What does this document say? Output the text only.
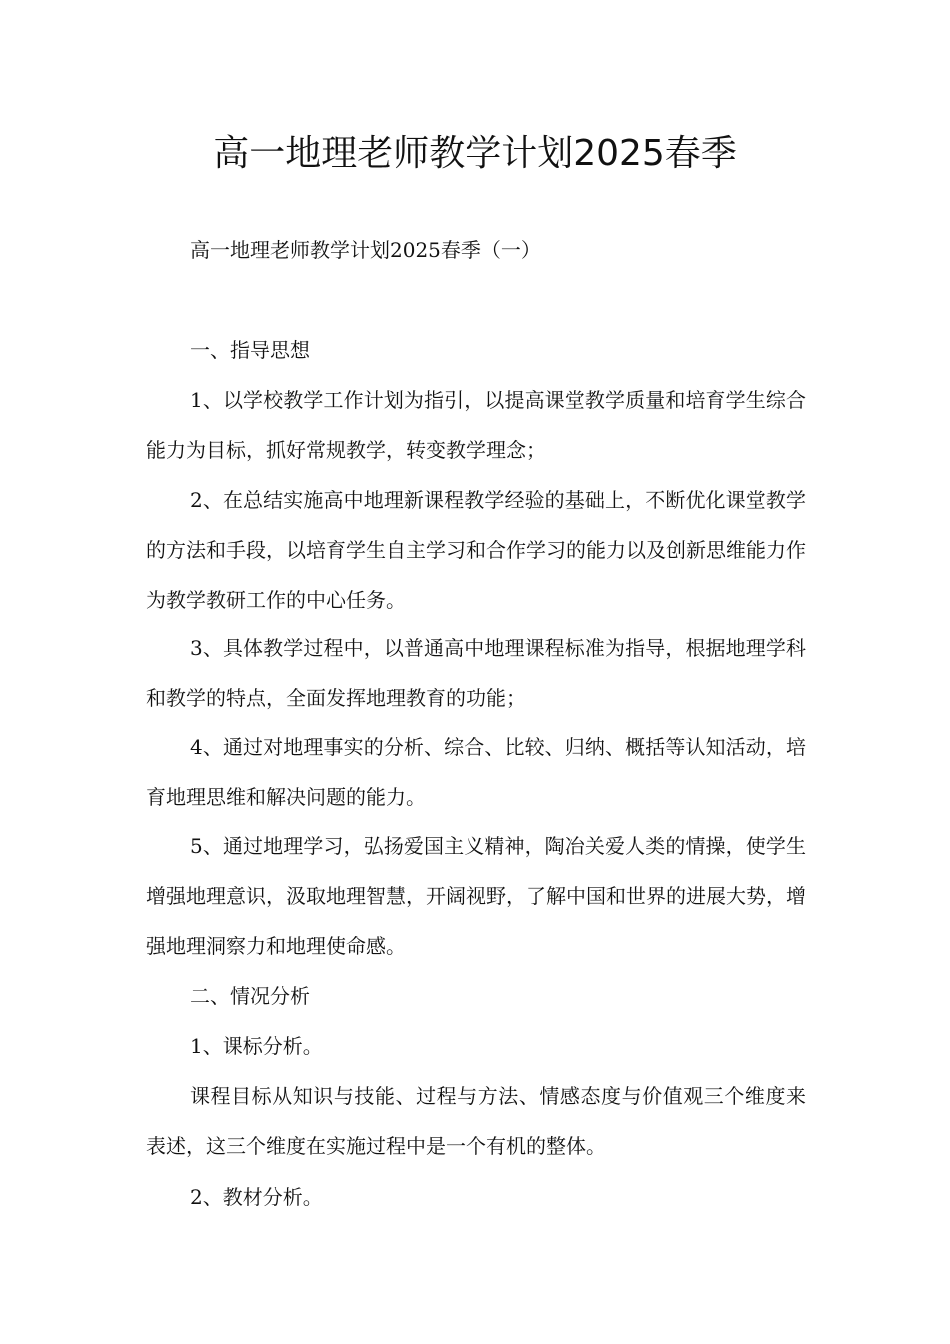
高一地理老师教学计划2025春季

高一地理老师教学计划2025春季（一）

一、指导思想

1、以学校教学工作计划为指引，以提高课堂教学质量和培育学生综合能力为目标，抓好常规教学，转变教学理念；

2、在总结实施高中地理新课程教学经验的基础上，不断优化课堂教学的方法和手段，以培育学生自主学习和合作学习的能力以及创新思维能力作为教学教研工作的中心任务。

3、具体教学过程中，以普通高中地理课程标准为指导，根据地理学科和教学的特点，全面发挥地理教育的功能；

4、通过对地理事实的分析、综合、比较、归纳、概括等认知活动，培育地理思维和解决问题的能力。

5、通过地理学习，弘扬爱国主义精神，陶冶关爱人类的情操，使学生增强地理意识，汲取地理智慧，开阔视野，了解中国和世界的进展大势，增强地理洞察力和地理使命感。

二、情况分析

1、课标分析。

课程目标从知识与技能、过程与方法、情感态度与价值观三个维度来表述，这三个维度在实施过程中是一个有机的整体。

2、教材分析。
